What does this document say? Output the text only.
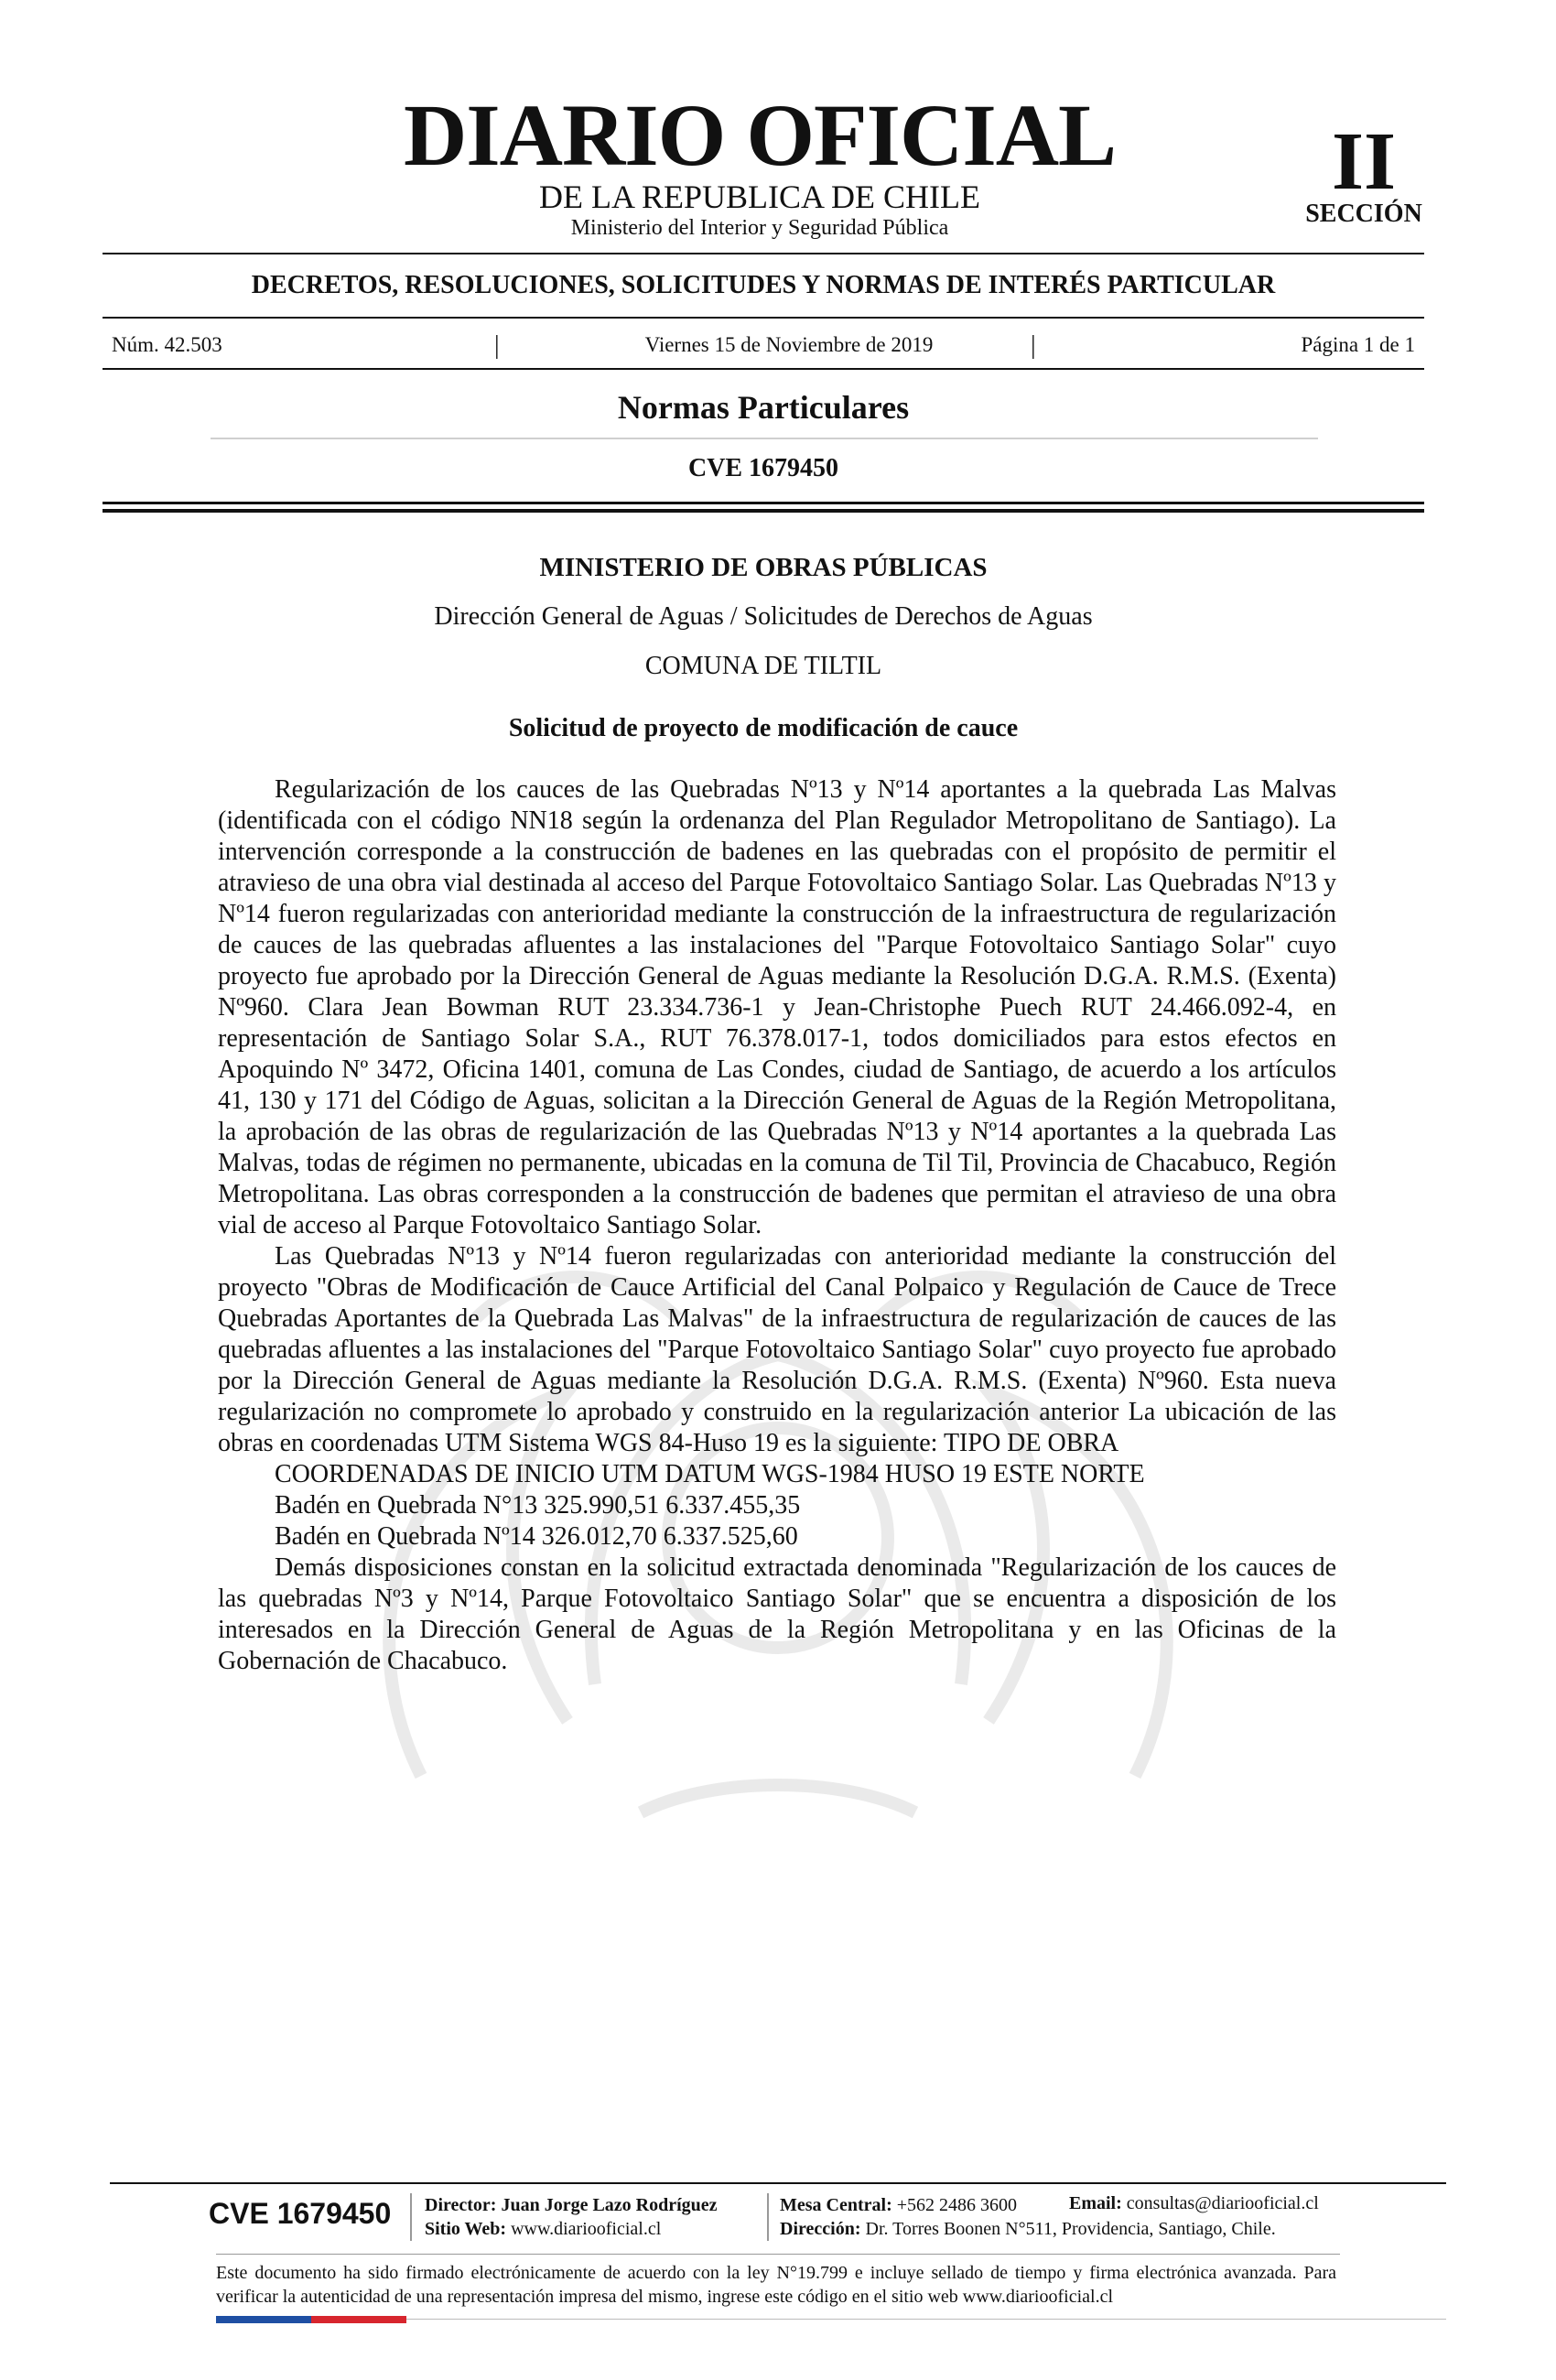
DIARIO OFICIAL
DE LA REPUBLICA DE CHILE
Ministerio del Interior y Seguridad Pública
II
SECCIÓN
DECRETOS, RESOLUCIONES, SOLICITUDES Y NORMAS DE INTERÉS PARTICULAR
Núm. 42.503	|	Viernes 15 de Noviembre de 2019	|	Página 1 de 1
Normas Particulares
CVE 1679450
MINISTERIO DE OBRAS PÚBLICAS
Dirección General de Aguas / Solicitudes de Derechos de Aguas
COMUNA DE TILTIL
Solicitud de proyecto de modificación de cauce

Regularización de los cauces de las Quebradas Nº13 y Nº14 aportantes a la quebrada Las Malvas (identificada con el código NN18 según la ordenanza del Plan Regulador Metropolitano de Santiago). La intervención corresponde a la construcción de badenes en las quebradas con el propósito de permitir el atravieso de una obra vial destinada al acceso del Parque Fotovoltaico Santiago Solar. Las Quebradas Nº13 y Nº14 fueron regularizadas con anterioridad mediante la construcción de la infraestructura de regularización de cauces de las quebradas afluentes a las instalaciones del "Parque Fotovoltaico Santiago Solar" cuyo proyecto fue aprobado por la Dirección General de Aguas mediante la Resolución D.G.A. R.M.S. (Exenta) Nº960. Clara Jean Bowman RUT 23.334.736-1 y Jean-Christophe Puech RUT 24.466.092-4, en representación de Santiago Solar S.A., RUT 76.378.017-1, todos domiciliados para estos efectos en Apoquindo Nº 3472, Oficina 1401, comuna de Las Condes, ciudad de Santiago, de acuerdo a los artículos 41, 130 y 171 del Código de Aguas, solicitan a la Dirección General de Aguas de la Región Metropolitana, la aprobación de las obras de regularización de las Quebradas Nº13 y Nº14 aportantes a la quebrada Las Malvas, todas de régimen no permanente, ubicadas en la comuna de Til Til, Provincia de Chacabuco, Región Metropolitana. Las obras corresponden a la construcción de badenes que permitan el atravieso de una obra vial de acceso al Parque Fotovoltaico Santiago Solar.

Las Quebradas Nº13 y Nº14 fueron regularizadas con anterioridad mediante la construcción del proyecto "Obras de Modificación de Cauce Artificial del Canal Polpaico y Regulación de Cauce de Trece Quebradas Aportantes de la Quebrada Las Malvas" de la infraestructura de regularización de cauces de las quebradas afluentes a las instalaciones del "Parque Fotovoltaico Santiago Solar" cuyo proyecto fue aprobado por la Dirección General de Aguas mediante la Resolución D.G.A. R.M.S. (Exenta) Nº960. Esta nueva regularización no compromete lo aprobado y construido en la regularización anterior La ubicación de las obras en coordenadas UTM Sistema WGS 84-Huso 19 es la siguiente: TIPO DE OBRA

COORDENADAS DE INICIO UTM DATUM WGS-1984 HUSO 19 ESTE NORTE

Badén en Quebrada N°13 325.990,51 6.337.455,35

Badén en Quebrada Nº14 326.012,70 6.337.525,60

Demás disposiciones constan en la solicitud extractada denominada "Regularización de los cauces de las quebradas Nº3 y Nº14, Parque Fotovoltaico Santiago Solar" que se encuentra a disposición de los interesados en la Dirección General de Aguas de la Región Metropolitana y en las Oficinas de la Gobernación de Chacabuco.

CVE 1679450 Director: Juan Jorge Lazo Rodríguez
Sitio Web: www.diariooficial.cl
Mesa Central: +562 2486 3600
Dirección: Dr. Torres Boonen N°511, Providencia, Santiago, Chile.
Email: consultas@diariooficial.cl
Este documento ha sido firmado electrónicamente de acuerdo con la ley N°19.799 e incluye sellado de tiempo y firma electrónica avanzada. Para verificar la autenticidad de una representación impresa del mismo, ingrese este código en el sitio web www.diariooficial.cl
